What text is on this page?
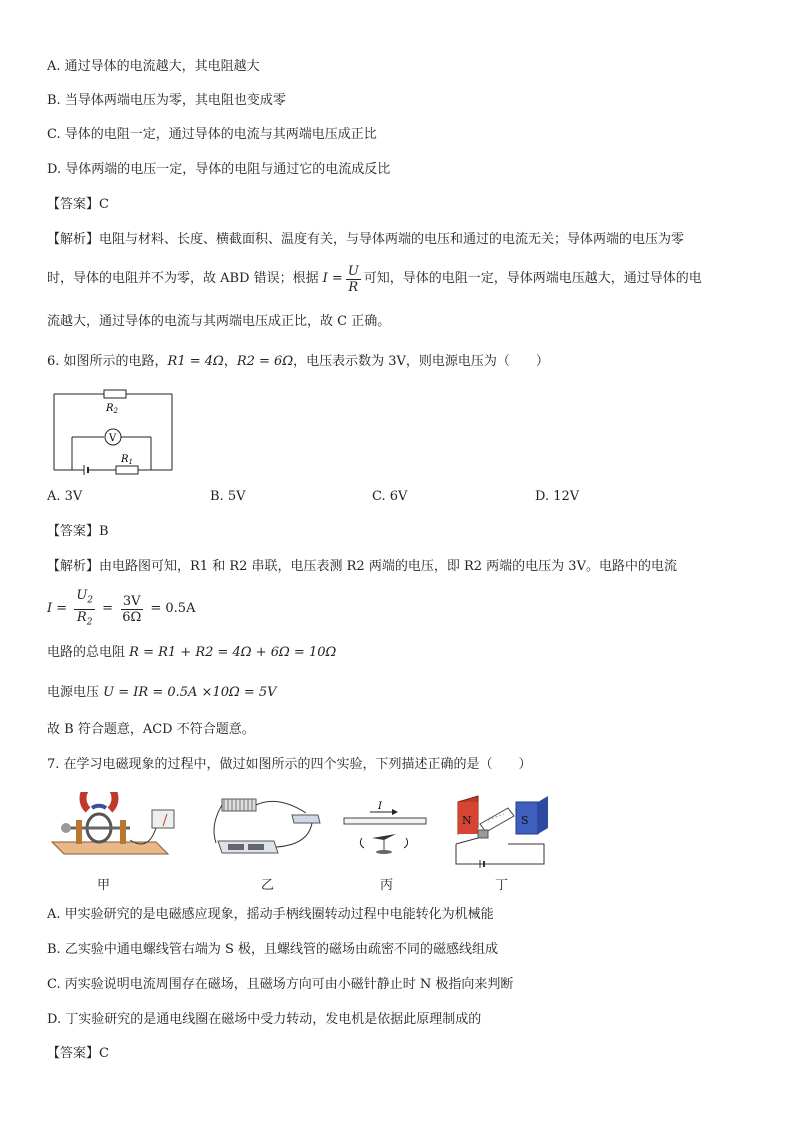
A. 通过导体的电流越大，其电阻越大
B. 当导体两端电压为零，其电阻也变成零
C. 导体的电阻一定，通过导体的电流与其两端电压成正比
D. 导体两端的电压一定，导体的电阻与通过它的电流成反比
【答案】C
【解析】电阻与材料、长度、横截面积、温度有关，与导体两端的电压和通过的电流无关；导体两端的电压为零
时，导体的电阻并不为零，故 ABD 错误；根据 $I = \frac{U}{R}$ 可知，导体的电阻一定，导体两端电压越大，通过导体的电
流越大，通过导体的电流与其两端电压成正比，故 C 正确。
6. 如图所示的电路，R1 = 4Ω，R2 = 6Ω，电压表示数为 3V，则电源电压为（　　）
$R_2$
V
$R_1$
A. 3V	B. 5V	C. 6V	D. 12V
【答案】B
【解析】由电路图可知，R1 和 R2 串联，电压表测 R2 两端的电压，即 R2 两端的电压为 3V。电路中的电流
$I = \frac{U_2}{R_2} = \frac{3V}{6\Omega} = 0.5A$
电路的总电阻 R = R1 + R2 = 4Ω + 6Ω = 10Ω
电源电压 U = IR = 0.5A ×10Ω = 5V
故 B 符合题意，ACD 不符合题意。
7. 在学习电磁现象的过程中，做过如图所示的四个实验，下列描述正确的是（　　）
I
N	S
甲	乙	丙	丁
A. 甲实验研究的是电磁感应现象，摇动手柄线圈转动过程中电能转化为机械能
B. 乙实验中通电螺线管右端为 S 极，且螺线管的磁场由疏密不同的磁感线组成
C. 丙实验说明电流周围存在磁场，且磁场方向可由小磁针静止时 N 极指向来判断
D. 丁实验研究的是通电线圈在磁场中受力转动，发电机是依据此原理制成的
【答案】C
